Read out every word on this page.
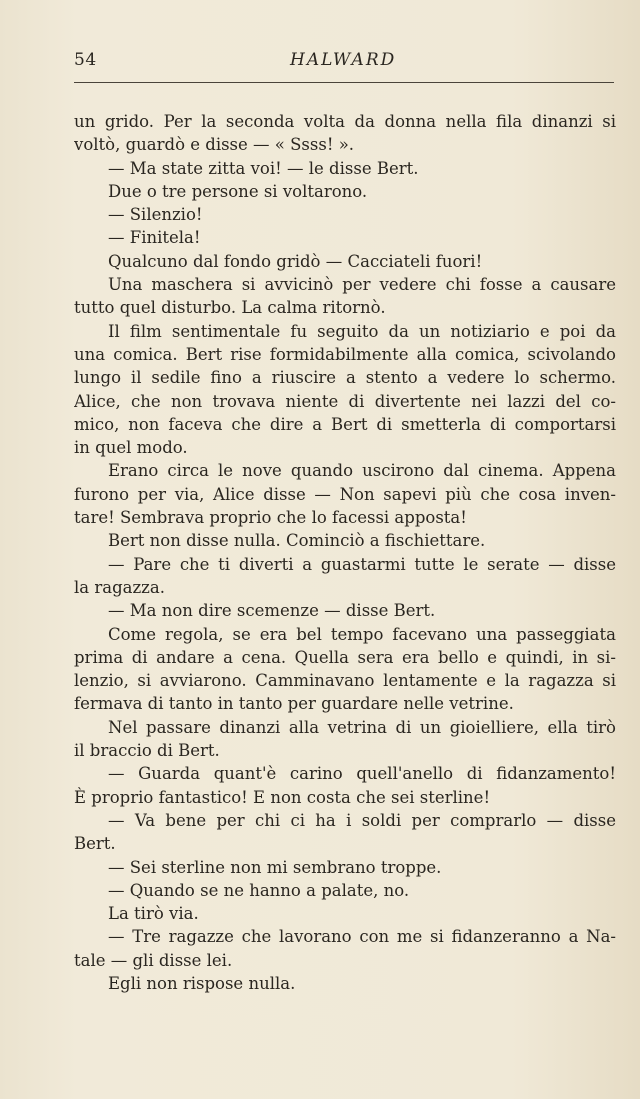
54	HALWARD
un grido. Per la seconda volta da donna nella fila dinanzi si
voltò, guardò e disse — « Ssss! ».
— Ma state zitta voi! — le disse Bert.
Due o tre persone si voltarono.
— Silenzio!
— Finitela!
Qualcuno dal fondo gridò — Cacciateli fuori!
Una maschera si avvicinò per vedere chi fosse a causare
tutto quel disturbo. La calma ritornò.
Il film sentimentale fu seguito da un notiziario e poi da
una comica. Bert rise formidabilmente alla comica, scivolando
lungo il sedile fino a riuscire a stento a vedere lo schermo.
Alice, che non trovava niente di divertente nei lazzi del co-
mico, non faceva che dire a Bert di smetterla di comportarsi
in quel modo.
Erano circa le nove quando uscirono dal cinema. Appena
furono per via, Alice disse — Non sapevi più che cosa inven-
tare! Sembrava proprio che lo facessi apposta!
Bert non disse nulla. Cominciò a fischiettare.
— Pare che ti diverti a guastarmi tutte le serate — disse
la ragazza.
— Ma non dire scemenze — disse Bert.
Come regola, se era bel tempo facevano una passeggiata
prima di andare a cena. Quella sera era bello e quindi, in si-
lenzio, si avviarono. Camminavano lentamente e la ragazza si
fermava di tanto in tanto per guardare nelle vetrine.
Nel passare dinanzi alla vetrina di un gioielliere, ella tirò
il braccio di Bert.
— Guarda quant'è carino quell'anello di fidanzamento!
È proprio fantastico! E non costa che sei sterline!
— Va bene per chi ci ha i soldi per comprarlo — disse
Bert.
— Sei sterline non mi sembrano troppe.
— Quando se ne hanno a palate, no.
La tirò via.
— Tre ragazze che lavorano con me si fidanzeranno a Na-
tale — gli disse lei.
Egli non rispose nulla.
